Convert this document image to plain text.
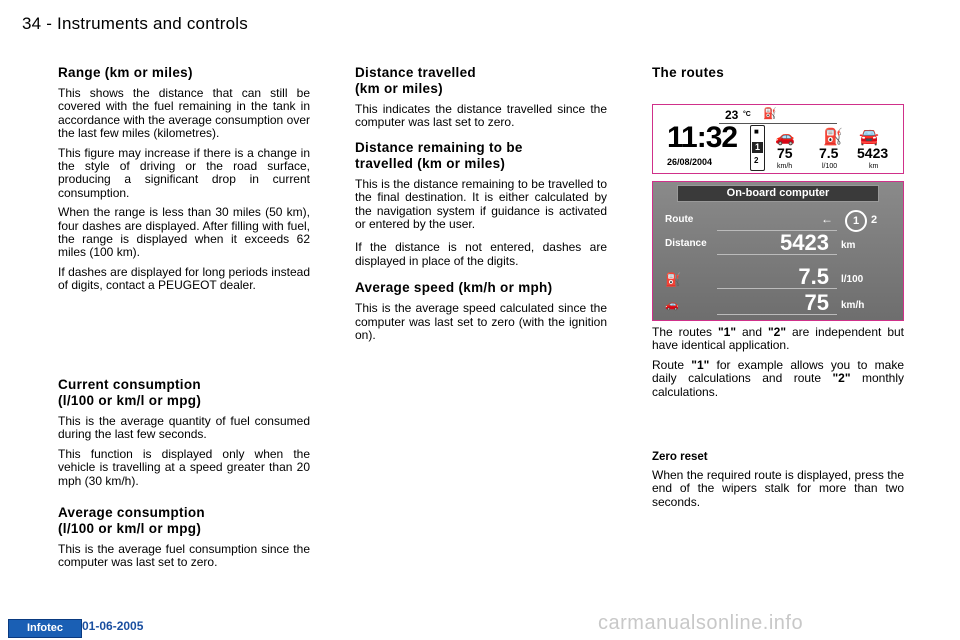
34 - Instruments and controls
Range (km or miles)

This shows the distance that can still be covered with the fuel remaining in the tank in accordance with the average consumption over the last few miles (kilometres).

This figure may increase if there is a change in the style of driving or the road surface, producing a significant drop in current consumption.

When the range is less than 30 miles (50 km), four dashes are displayed. After filling with fuel, the range is displayed when it exceeds 62 miles (100 km).

If dashes are displayed for long periods instead of digits, contact a PEUGEOT dealer.

Current consumption
(l/100 or km/l or mpg)

This is the average quantity of fuel consumed during the last few seconds.

This function is displayed only when the vehicle is travelling at a speed greater than 20 mph (30 km/h).

Average consumption
(l/100 or km/l or mpg)

This is the average fuel consumption since the computer was last set to zero.

Distance travelled
(km or miles)

This indicates the distance travelled since the computer was last set to zero.

Distance remaining to be
travelled (km or miles)

This is the distance remaining to be travelled to the final destination. It is either calculated by the navigation system if guidance is activated or entered by the user.

If the distance is not entered, dashes are displayed in place of the digits.

Average speed (km/h or mph)

This is the average speed calculated since the computer was last set to zero (with the ignition on).

The routes
23 °C ⛽
11:32
26/08/2004
■
1
2
🚗 ⛽ 🚘
75
km/h
7.5
l/100
5423
km
On-board computer
Route	←	1	2
Distance	5423 km
⛽	7.5 l/100
🚗	75 km/h

The routes "1" and "2" are independent but have identical application.

Route "1" for example allows you to make daily calculations and route "2" monthly calculations.

Zero reset

When the required route is displayed, press the end of the wipers stalk for more than two seconds.

Infotec	01-06-2005	carmanualsonline.info
